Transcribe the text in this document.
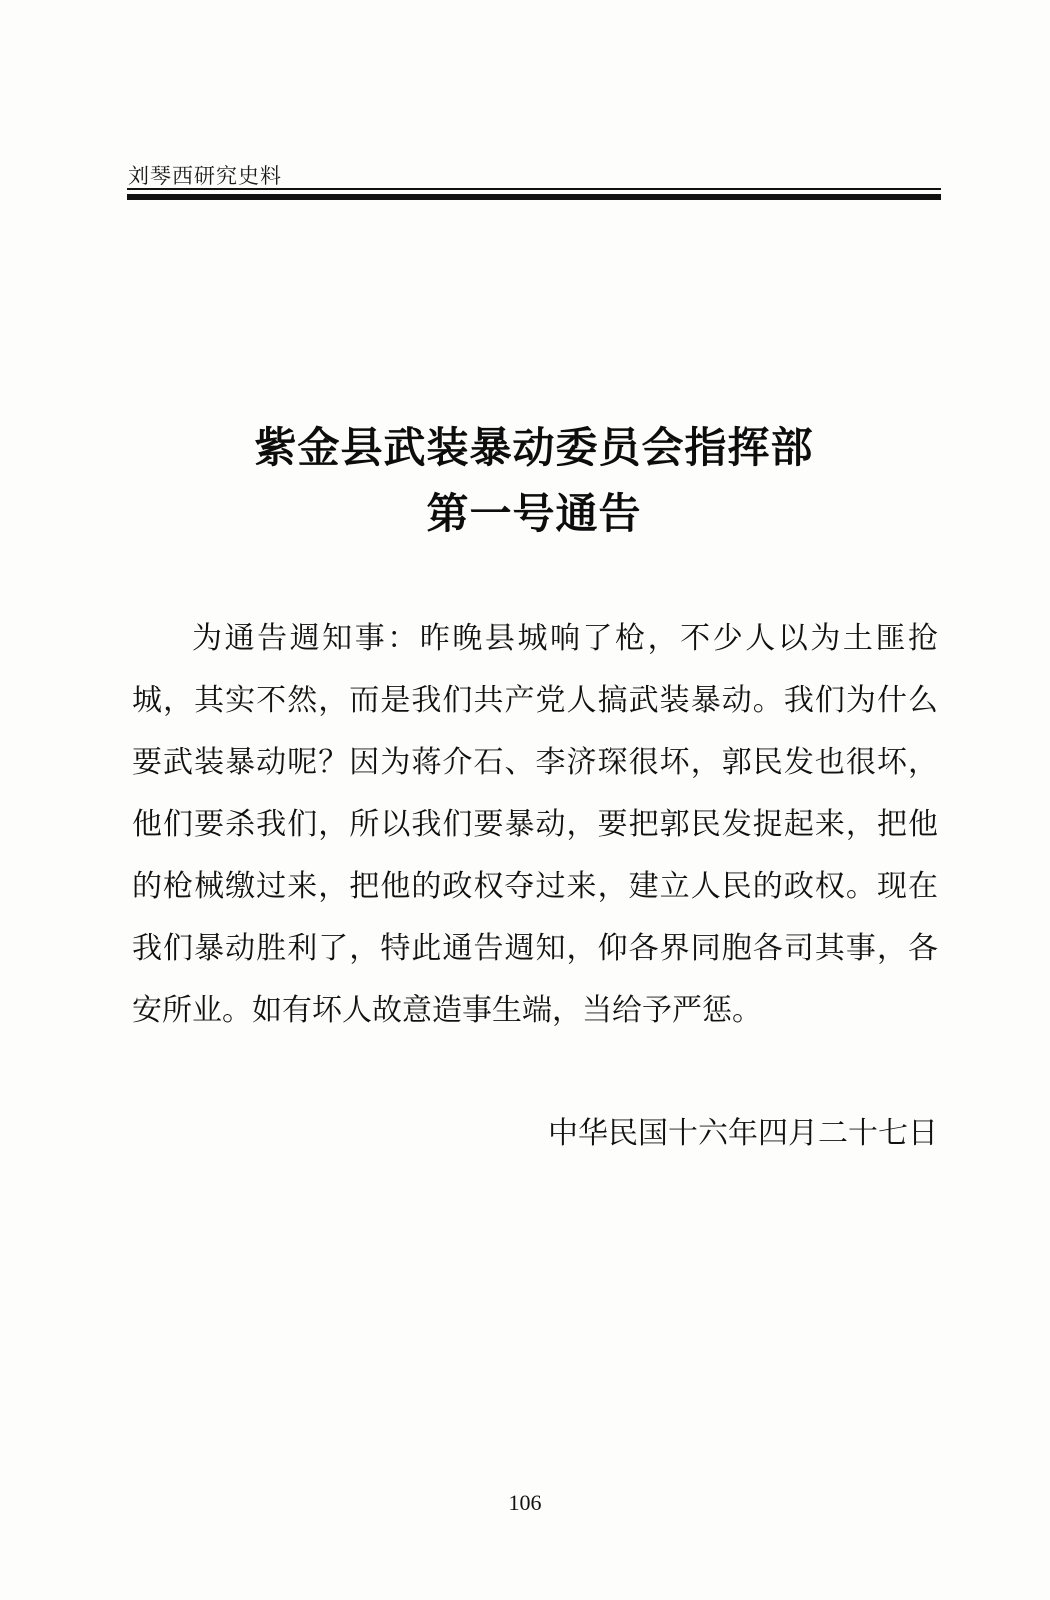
刘琴西研究史料
紫金县武装暴动委员会指挥部
第一号通告
为通告週知事：昨晚县城响了枪，不少人以为土匪抢城，其实不然，而是我们共产党人搞武装暴动。我们为什么要武装暴动呢？因为蒋介石、李济琛很坏，郭民发也很坏，他们要杀我们，所以我们要暴动，要把郭民发捉起来，把他的枪械缴过来，把他的政权夺过来，建立人民的政权。现在我们暴动胜利了，特此通告週知，仰各界同胞各司其事，各安所业。如有坏人故意造事生端，当给予严惩。
中华民国十六年四月二十七日
106
